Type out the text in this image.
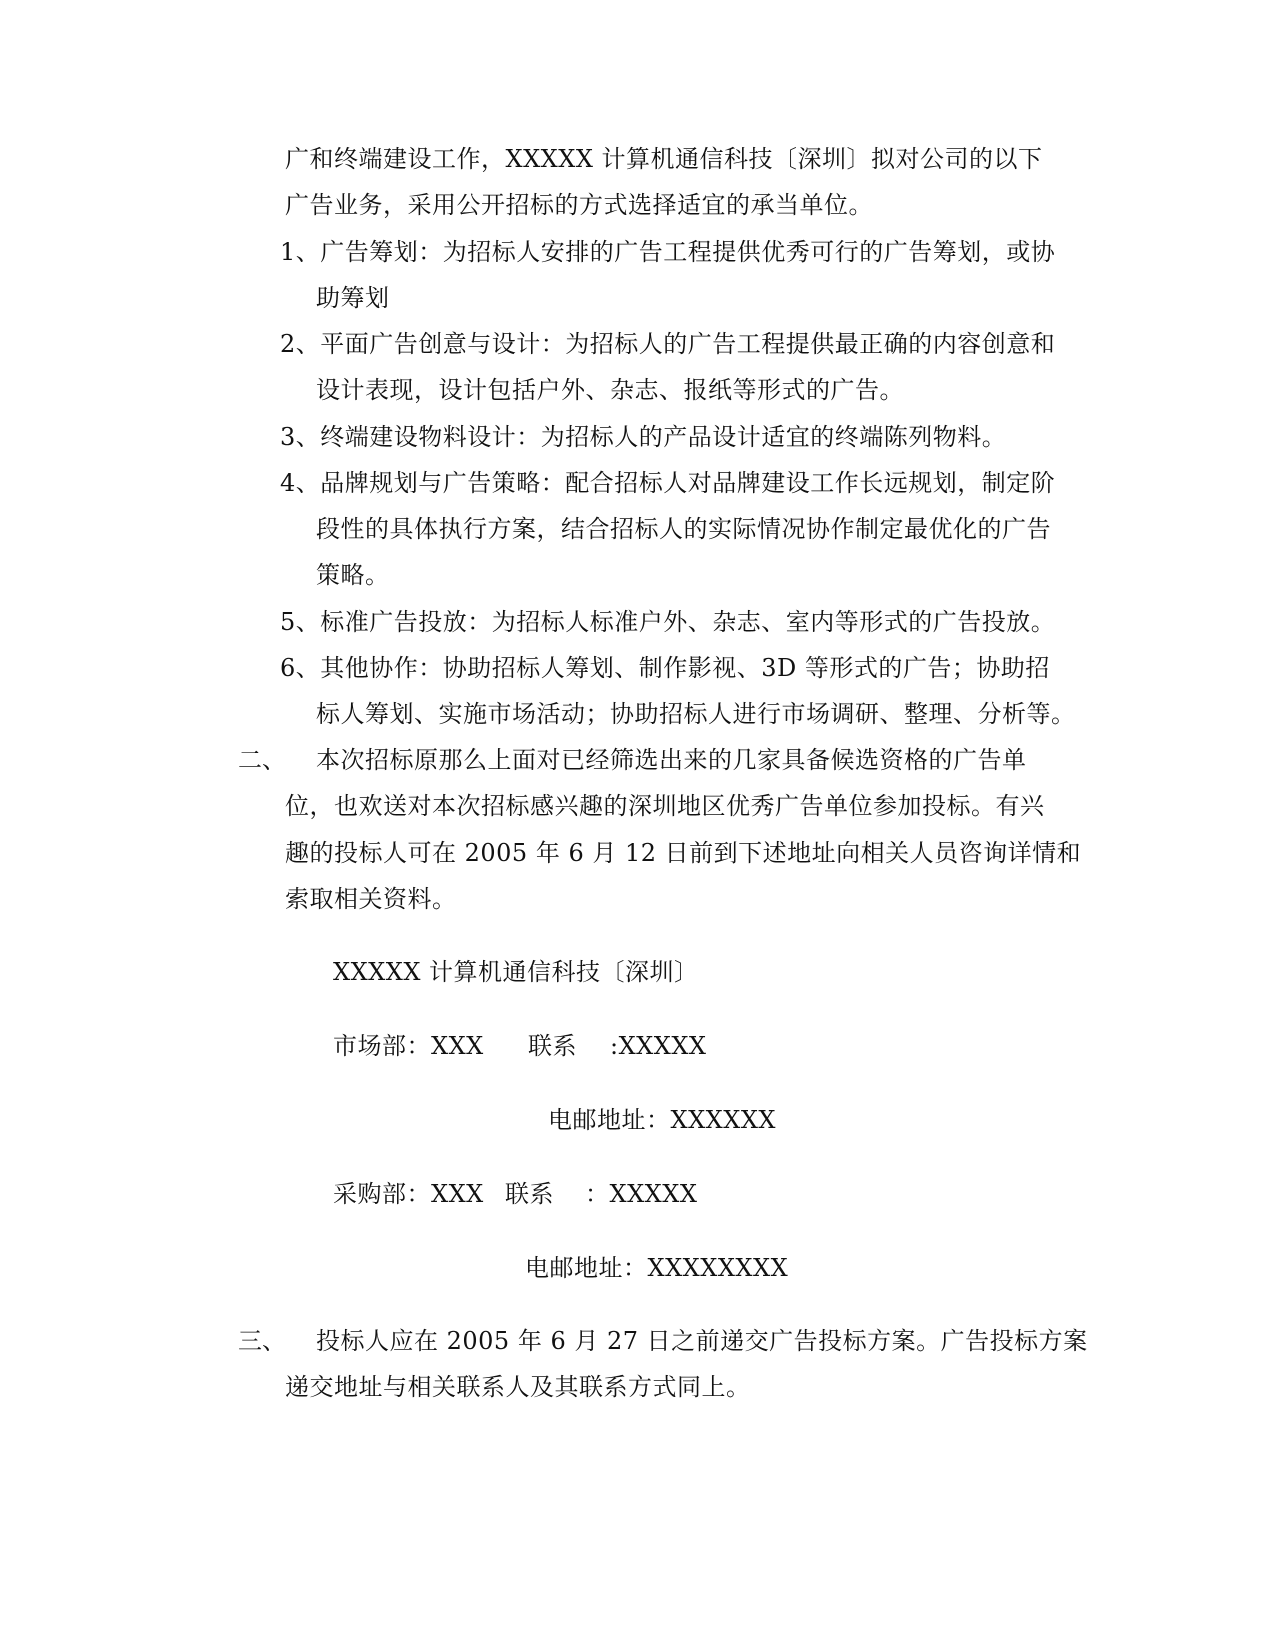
广和终端建设工作，XXXXX 计算机通信科技〔深圳〕拟对公司的以下
广告业务，采用公开招标的方式选择适宜的承当单位。
1、广告筹划：为招标人安排的广告工程提供优秀可行的广告筹划，或协
助筹划
2、平面广告创意与设计：为招标人的广告工程提供最正确的内容创意和
设计表现，设计包括户外、杂志、报纸等形式的广告。
3、终端建设物料设计：为招标人的产品设计适宜的终端陈列物料。
4、品牌规划与广告策略：配合招标人对品牌建设工作长远规划，制定阶
段性的具体执行方案，结合招标人的实际情况协作制定最优化的广告
策略。
5、标准广告投放：为招标人标准户外、杂志、室内等形式的广告投放。
6、其他协作：协助招标人筹划、制作影视、3D 等形式的广告；协助招
标人筹划、实施市场活动；协助招标人进行市场调研、整理、分析等。
二、 本次招标原那么上面对已经筛选出来的几家具备候选资格的广告单
位，也欢送对本次招标感兴趣的深圳地区优秀广告单位参加投标。有兴
趣的投标人可在 2005 年 6 月 12 日前到下述地址向相关人员咨询详情和
索取相关资料。
XXXXX 计算机通信科技〔深圳〕
市场部：XXX 联系 :XXXXX
电邮地址：XXXXXX
采购部：XXX 联系 ：XXXXX
电邮地址：XXXXXXXX
三、 投标人应在 2005 年 6 月 27 日之前递交广告投标方案。广告投标方案
递交地址与相关联系人及其联系方式同上。
